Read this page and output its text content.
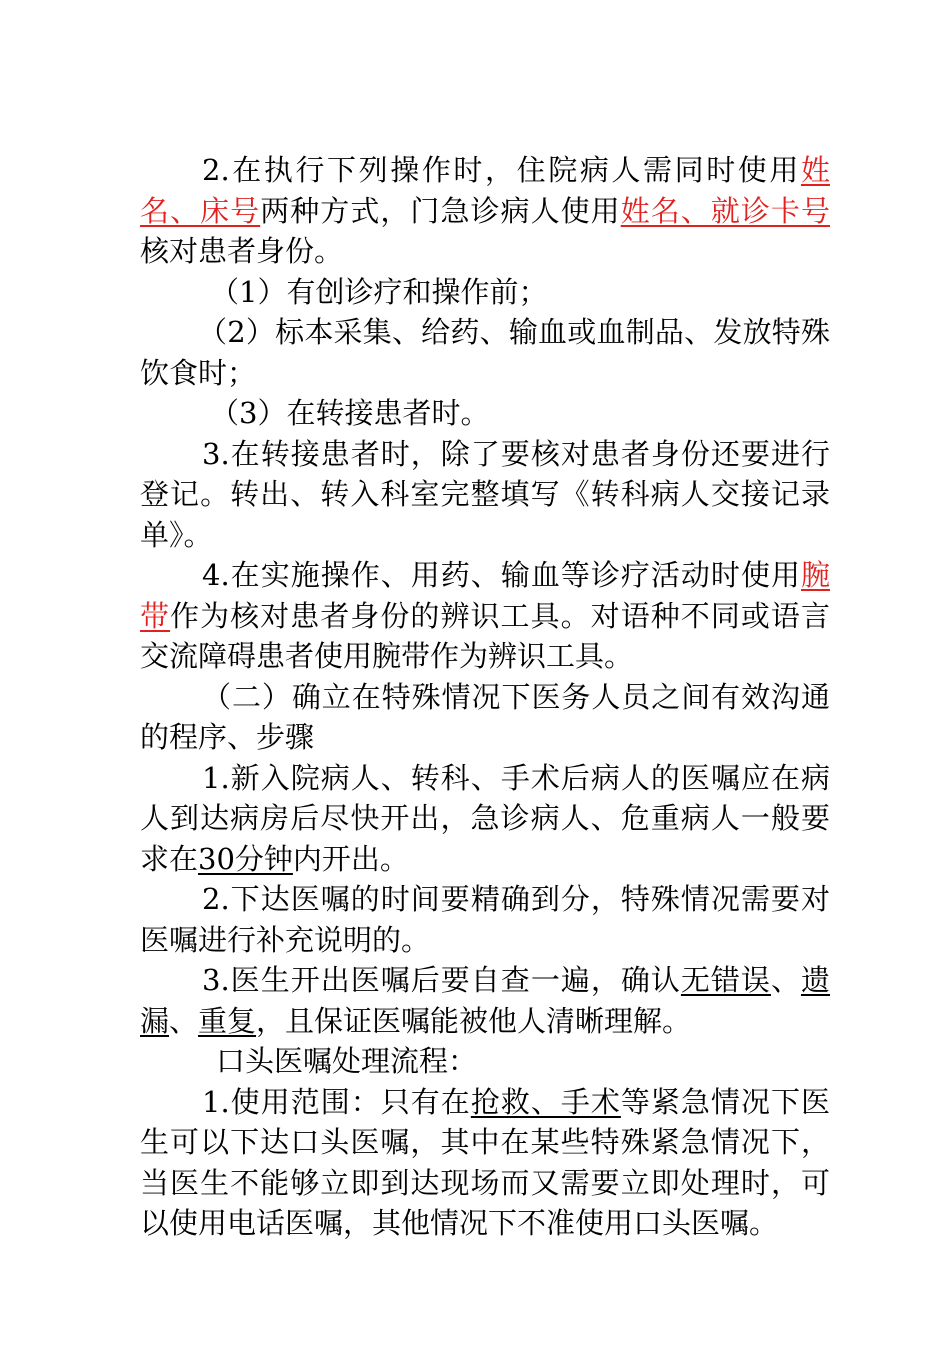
2.在执行下列操作时，住院病人需同时使用姓名、床号两种方式，门急诊病人使用姓名、就诊卡号核对患者身份。

（1）有创诊疗和操作前；

（2）标本采集、给药、输血或血制品、发放特殊饮食时；

（3）在转接患者时。

3.在转接患者时，除了要核对患者身份还要进行登记。转出、转入科室完整填写《转科病人交接记录单》。

4.在实施操作、用药、输血等诊疗活动时使用腕带作为核对患者身份的辨识工具。对语种不同或语言交流障碍患者使用腕带作为辨识工具。

（二）确立在特殊情况下医务人员之间有效沟通的程序、步骤

1.新入院病人、转科、手术后病人的医嘱应在病人到达病房后尽快开出，急诊病人、危重病人一般要求在30分钟内开出。

2.下达医嘱的时间要精确到分，特殊情况需要对医嘱进行补充说明的。

3.医生开出医嘱后要自查一遍，确认无错误、遗漏、重复，且保证医嘱能被他人清晰理解。

口头医嘱处理流程：

1.使用范围：只有在抢救、手术等紧急情况下医生可以下达口头医嘱，其中在某些特殊紧急情况下，当医生不能够立即到达现场而又需要立即处理时，可以使用电话医嘱，其他情况下不准使用口头医嘱。
